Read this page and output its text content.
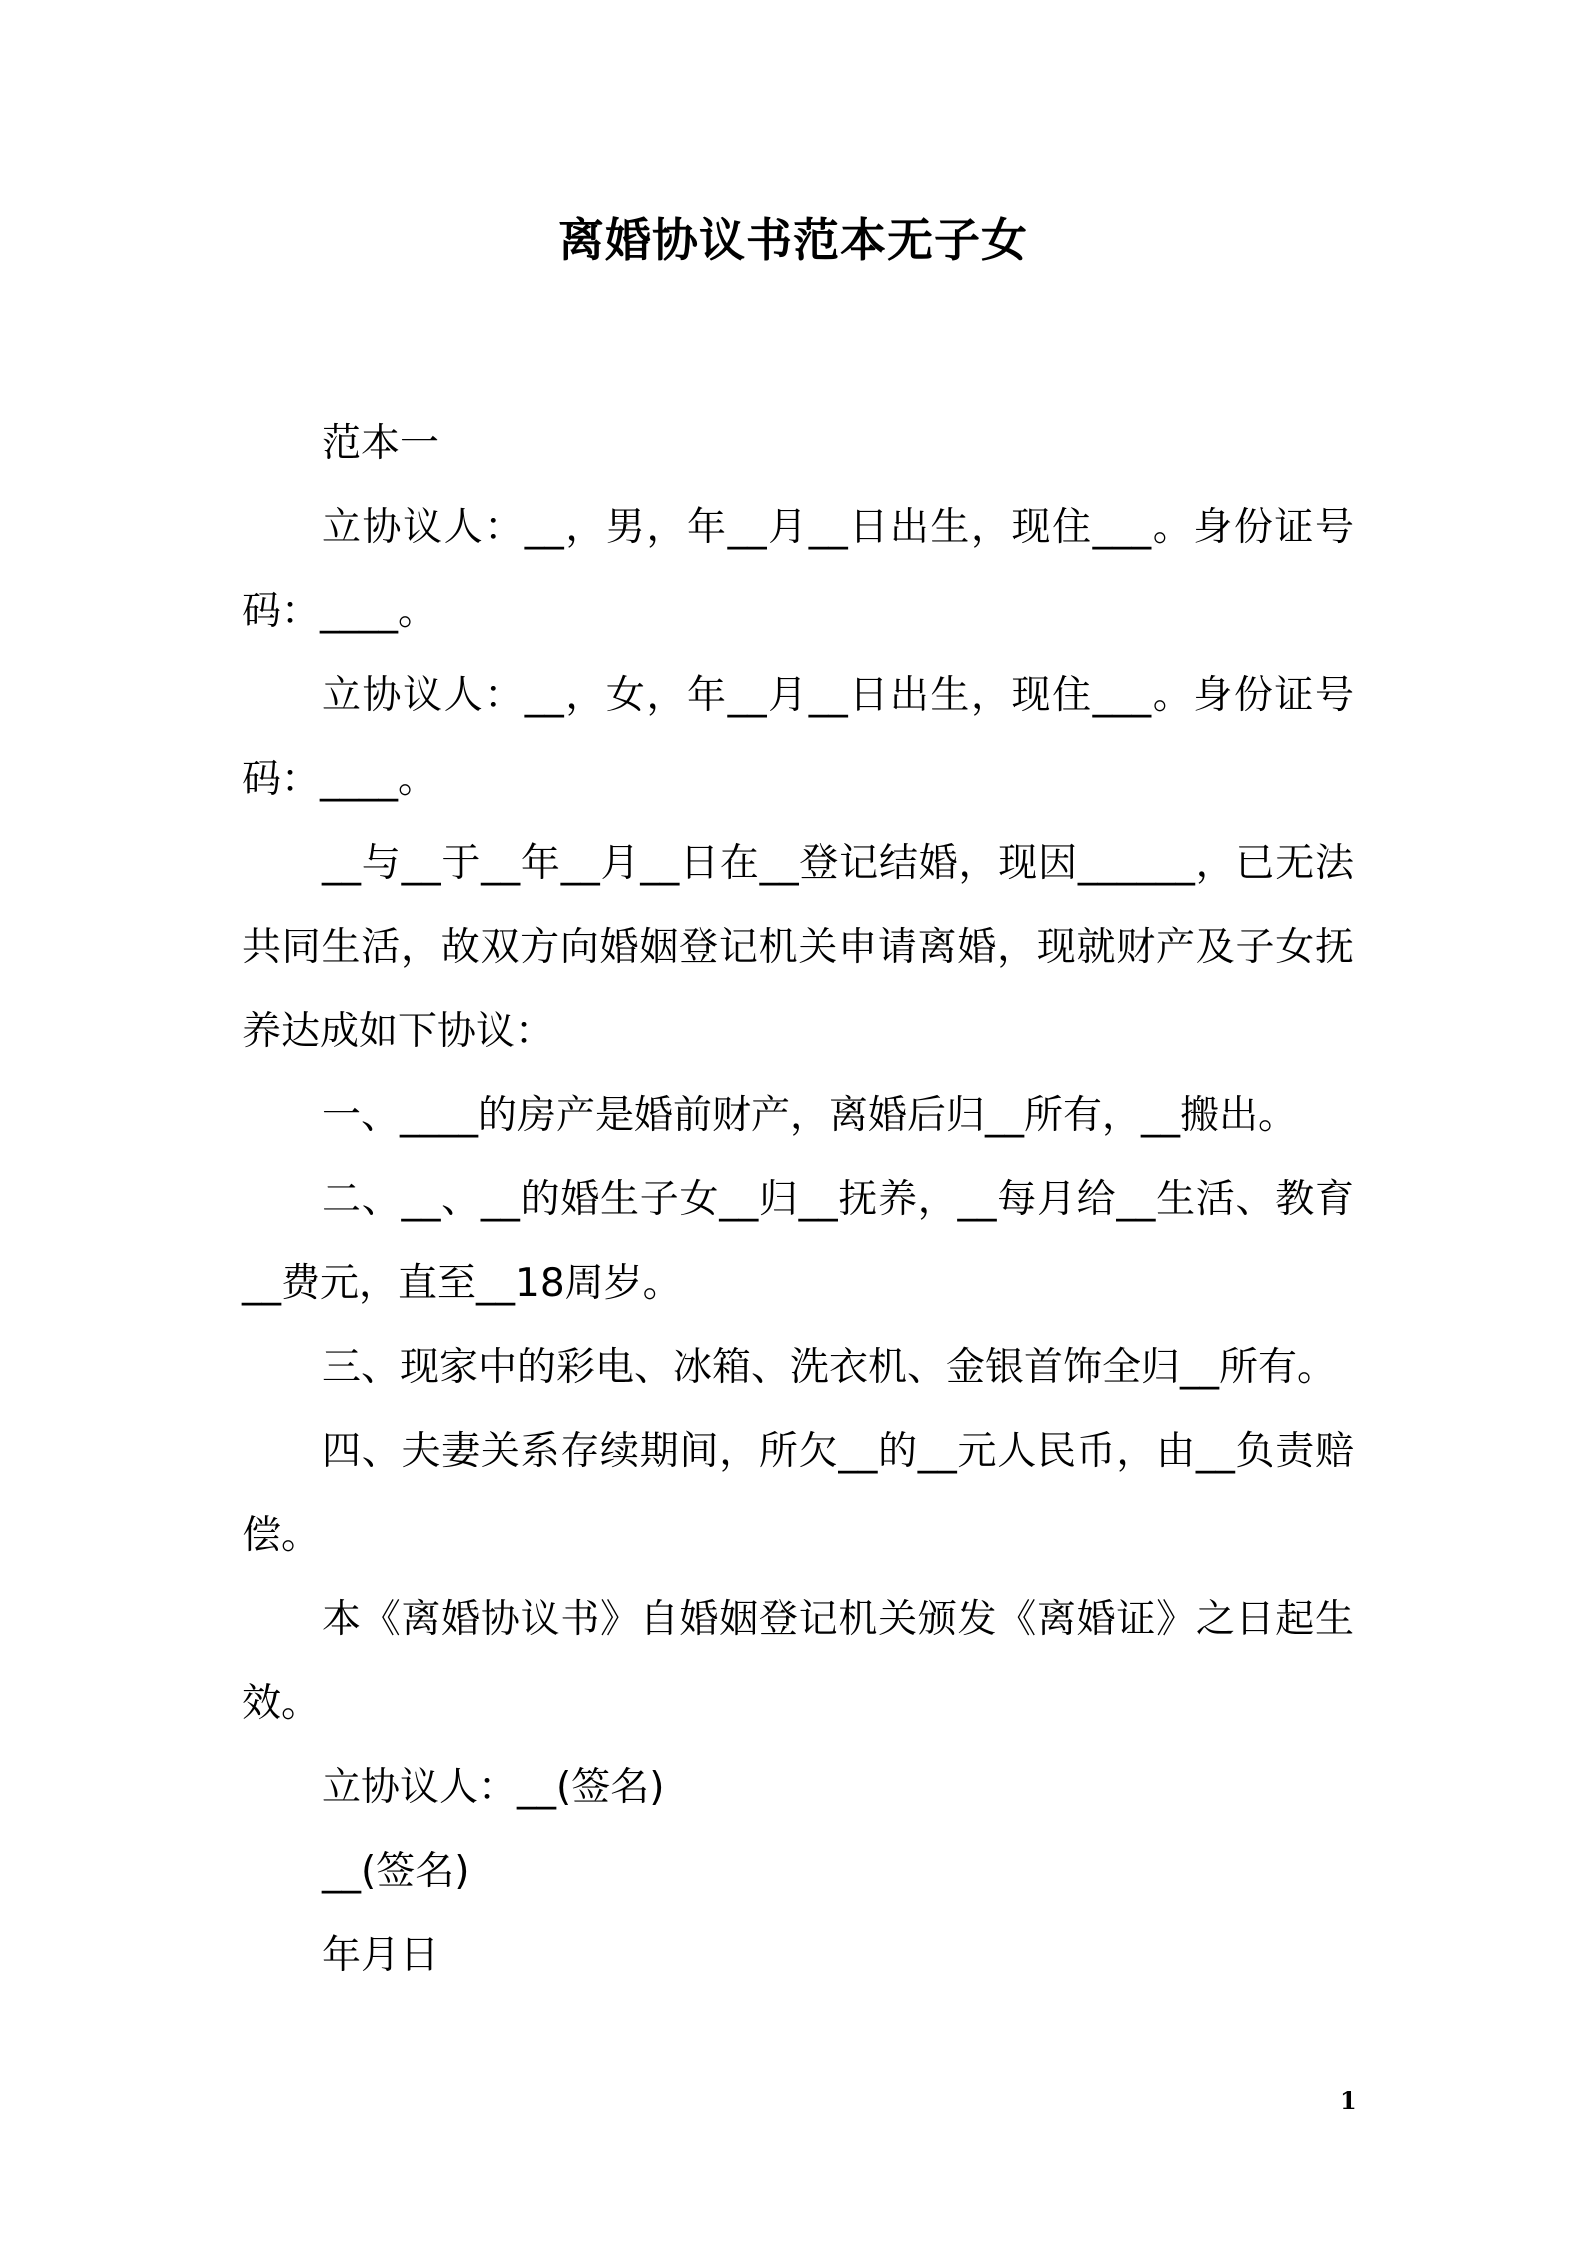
离婚协议书范本无子女

范本一

立协议人：__，男，年__月__日出生，现住___。身份证号码：____。

立协议人：__，女，年__月__日出生，现住___。身份证号码：____。

__与__于__年__月__日在__登记结婚，现因______，已无法共同生活，故双方向婚姻登记机关申请离婚，现就财产及子女抚养达成如下协议：

一、____的房产是婚前财产，离婚后归__所有，__搬出。

二、__、__的婚生子女__归__抚养，__每月给__生活、教育__费元，直至__18周岁。

三、现家中的彩电、冰箱、洗衣机、金银首饰全归__所有。

四、夫妻关系存续期间，所欠__的__元人民币，由__负责赔偿。

本《离婚协议书》自婚姻登记机关颁发《离婚证》之日起生效。

立协议人：__(签名)

__(签名)

年月日

1
